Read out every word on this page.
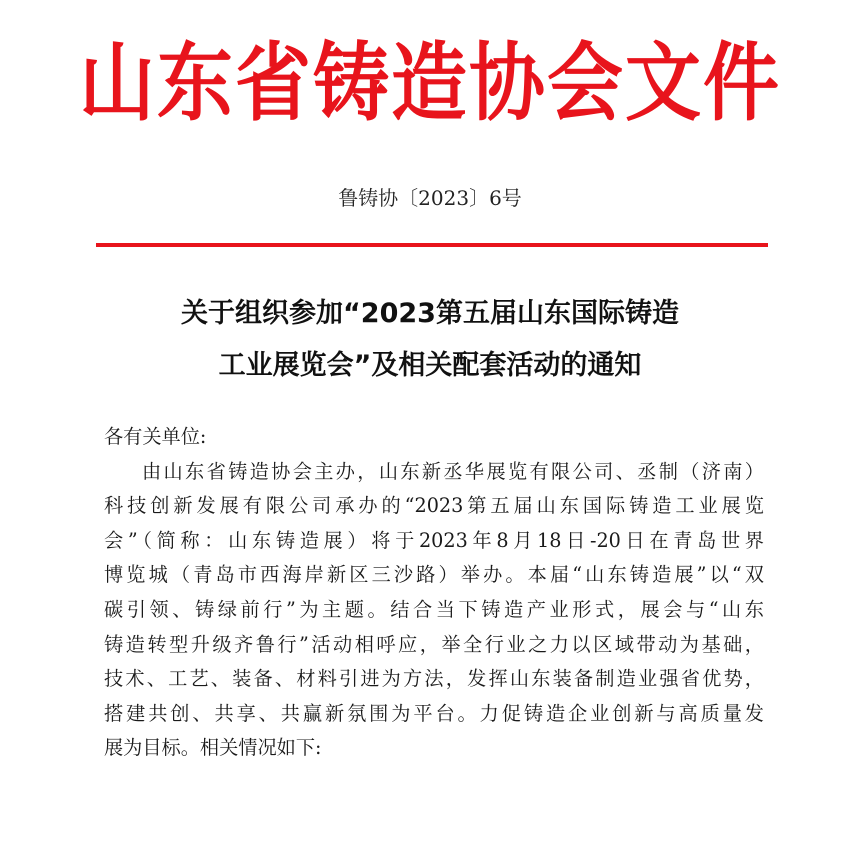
山东省铸造协会文件
鲁铸协〔2023〕6号
关于组织参加“2023第五届山东国际铸造
工业展览会”及相关配套活动的通知
各有关单位:
由山东省铸造协会主办，山东新丞华展览有限公司、丞制（济南）
科技创新发展有限公司承办的“2023第五届山东国际铸造工业展览
会”（简称：山东铸造展）将于2023年8月18日-20日在青岛世界
博览城（青岛市西海岸新区三沙路）举办。本届“山东铸造展”以“双
碳引领、铸绿前行”为主题。结合当下铸造产业形式，展会与“山东
铸造转型升级齐鲁行”活动相呼应，举全行业之力以区域带动为基础，
技术、工艺、装备、材料引进为方法，发挥山东装备制造业强省优势，
搭建共创、共享、共赢新氛围为平台。力促铸造企业创新与高质量发
展为目标。相关情况如下:
